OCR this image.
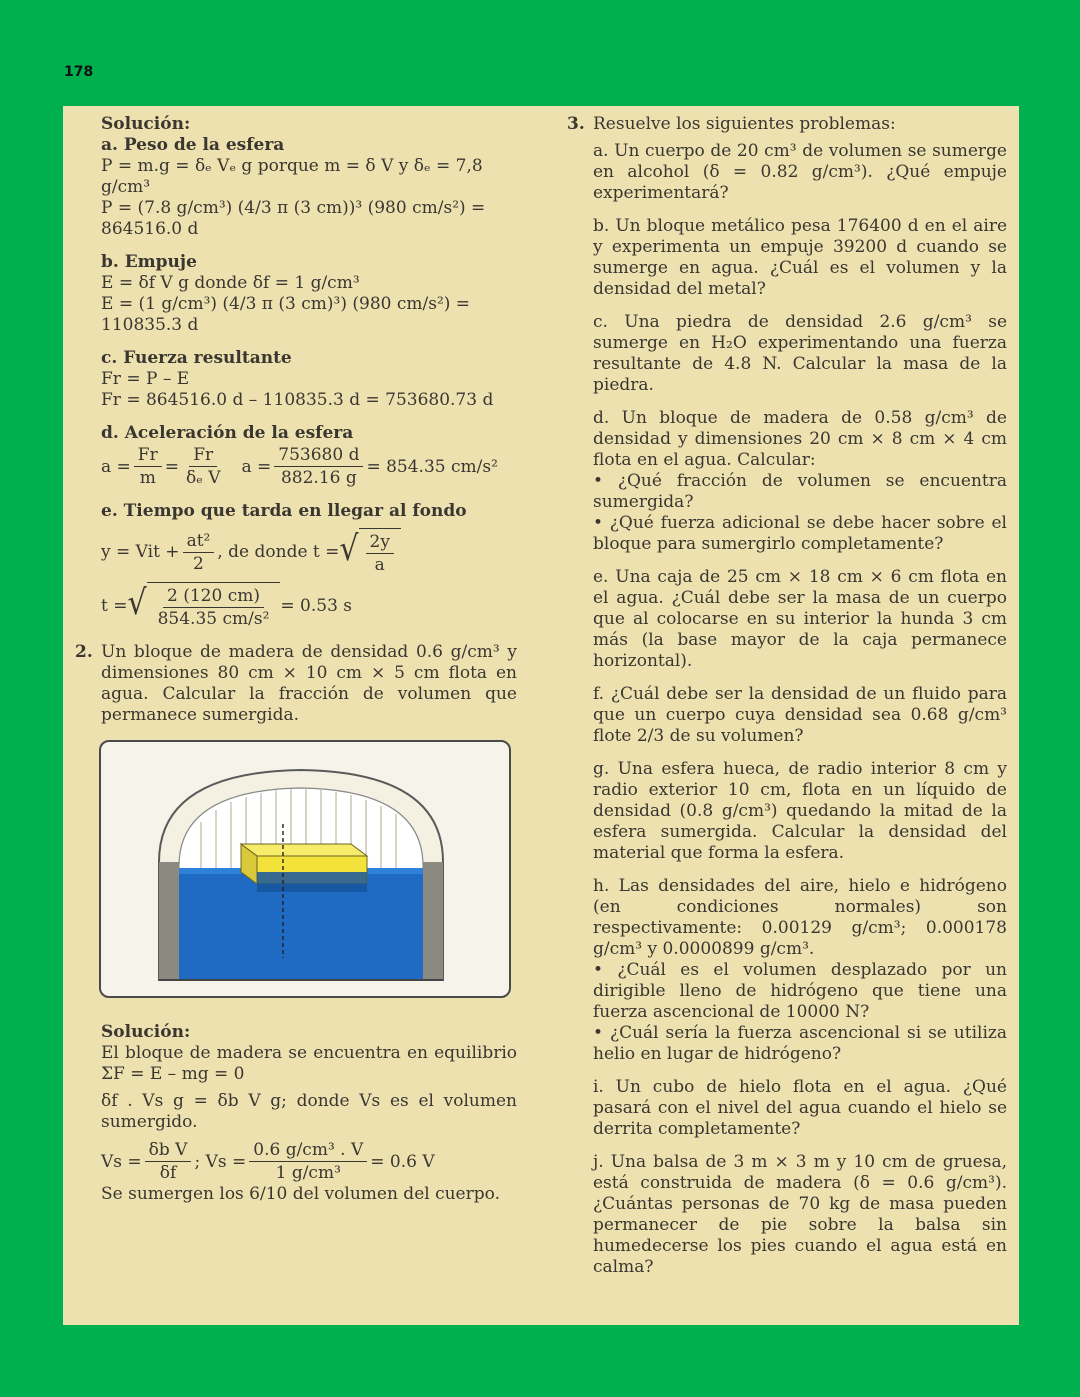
178
Solución:
a. Peso de la esfera
P = m.g = δₑ Vₑ g porque m = δ V y δₑ = 7,8
g/cm³
P = (7.8 g/cm³) (4/3 π (3 cm))³ (980 cm/s²) =
864516.0 d
b. Empuje
E = δf V g donde δf = 1 g/cm³
E = (1 g/cm³) (4/3 π (3 cm)³) (980 cm/s²) =
110835.3 d
c. Fuerza resultante
Fr = P – E
Fr = 864516.0 d – 110835.3 d = 753680.73 d
d. Aceleración de la esfera
$a = \frac{Fr}{m} = \frac{Fr}{\text{δₑ V}}$ $a = \frac{753680 d}{882.16 g} = 854.35$ cm/s²
e. Tiempo que tarda en llegar al fondo
y = Vit + $\frac{\text{at²}}{2}$ , de donde t = √ $\frac{2y}{a}$
t = √ $\frac{2 (120 cm)}{\text{854.35 cm/s²}} = 0.53$ s
2. Un bloque de madera de densidad 0.6 g/cm³ y dimensiones 80 cm × 10 cm × 5 cm flota en agua. Calcular la fracción de volumen que permanece sumergida.
Solución:
El bloque de madera se encuentra en equilibrio ΣF = E – mg = 0
δf . Vs g = δb V g; donde Vs es el volumen sumergido.
$Vs = \frac{\text{δb V}}{\delta f}$ ; $Vs = \frac{\text{0.6 g/cm³ . V}}{\text{1 g/cm³}} = 0.6$ V
Se sumergen los 6/10 del volumen del cuerpo.
3. Resuelve los siguientes problemas:
a. Un cuerpo de 20 cm³ de volumen se sumerge en alcohol (δ = 0.82 g/cm³). ¿Qué empuje experimentará?
b. Un bloque metálico pesa 176400 d en el aire y experimenta un empuje 39200 d cuando se sumerge en agua. ¿Cuál es el volumen y la densidad del metal?
c. Una piedra de densidad 2.6 g/cm³ se sumerge en H₂O experimentando una fuerza resultante de 4.8 N. Calcular la masa de la piedra.
d. Un bloque de madera de 0.58 g/cm³ de densidad y dimensiones 20 cm × 8 cm × 4 cm flota en el agua. Calcular:
• ¿Qué fracción de volumen se encuentra sumergida?
• ¿Qué fuerza adicional se debe hacer sobre el bloque para sumergirlo completamente?
e. Una caja de 25 cm × 18 cm × 6 cm flota en el agua. ¿Cuál debe ser la masa de un cuerpo que al colocarse en su interior la hunda 3 cm más (la base mayor de la caja permanece horizontal).
f. ¿Cuál debe ser la densidad de un fluido para que un cuerpo cuya densidad sea 0.68 g/cm³ flote 2/3 de su volumen?
g. Una esfera hueca, de radio interior 8 cm y radio exterior 10 cm, flota en un líquido de densidad (0.8 g/cm³) quedando la mitad de la esfera sumergida. Calcular la densidad del material que forma la esfera.
h. Las densidades del aire, hielo e hidrógeno (en condiciones normales) son respectivamente: 0.00129 g/cm³; 0.000178 g/cm³ y 0.0000899 g/cm³.
• ¿Cuál es el volumen desplazado por un dirigible lleno de hidrógeno que tiene una fuerza ascencional de 10000 N?
• ¿Cuál sería la fuerza ascencional si se utiliza helio en lugar de hidrógeno?
i. Un cubo de hielo flota en el agua. ¿Qué pasará con el nivel del agua cuando el hielo se derrita completamente?
j. Una balsa de 3 m × 3 m y 10 cm de gruesa, está construida de madera (δ = 0.6 g/cm³). ¿Cuántas personas de 70 kg de masa pueden permanecer de pie sobre la balsa sin humedecerse los pies cuando el agua está en calma?
